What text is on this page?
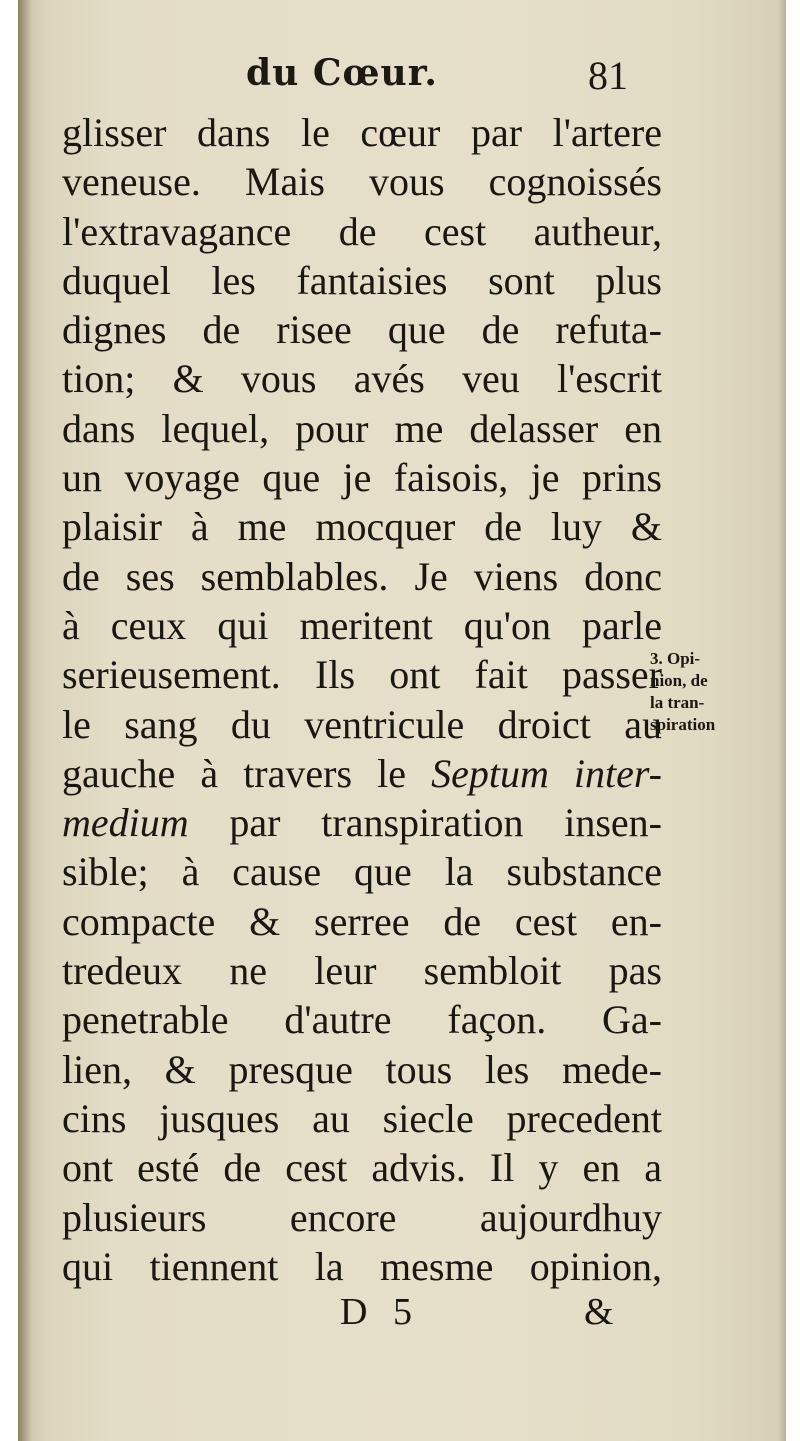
du Cœur.	81
glisser dans le cœur par l'artere
veneuse. Mais vous cognoissés
l'extravagance de cest autheur,
duquel les fantaisies sont plus
dignes de risee que de refuta-
tion; & vous avés veu l'escrit
dans lequel, pour me delasser en
un voyage que je faisois, je prins
plaisir à me mocquer de luy &
de ses semblables. Je viens donc
à ceux qui meritent qu'on parle
serieusement. Ils ont fait passer
le sang du ventricule droict au
gauche à travers le Septum inter-
medium par transpiration insen-
sible; à cause que la substance
compacte & serree de cest en-
tredeux ne leur sembloit pas
penetrable d'autre façon. Ga-
lien, & presque tous les mede-
cins jusques au siecle precedent
ont esté de cest advis. Il y en a
plusieurs encore aujourdhuy
qui tiennent la mesme opinion,
3. Opi-
nion, de
la tran-
spiration
D 5	&
